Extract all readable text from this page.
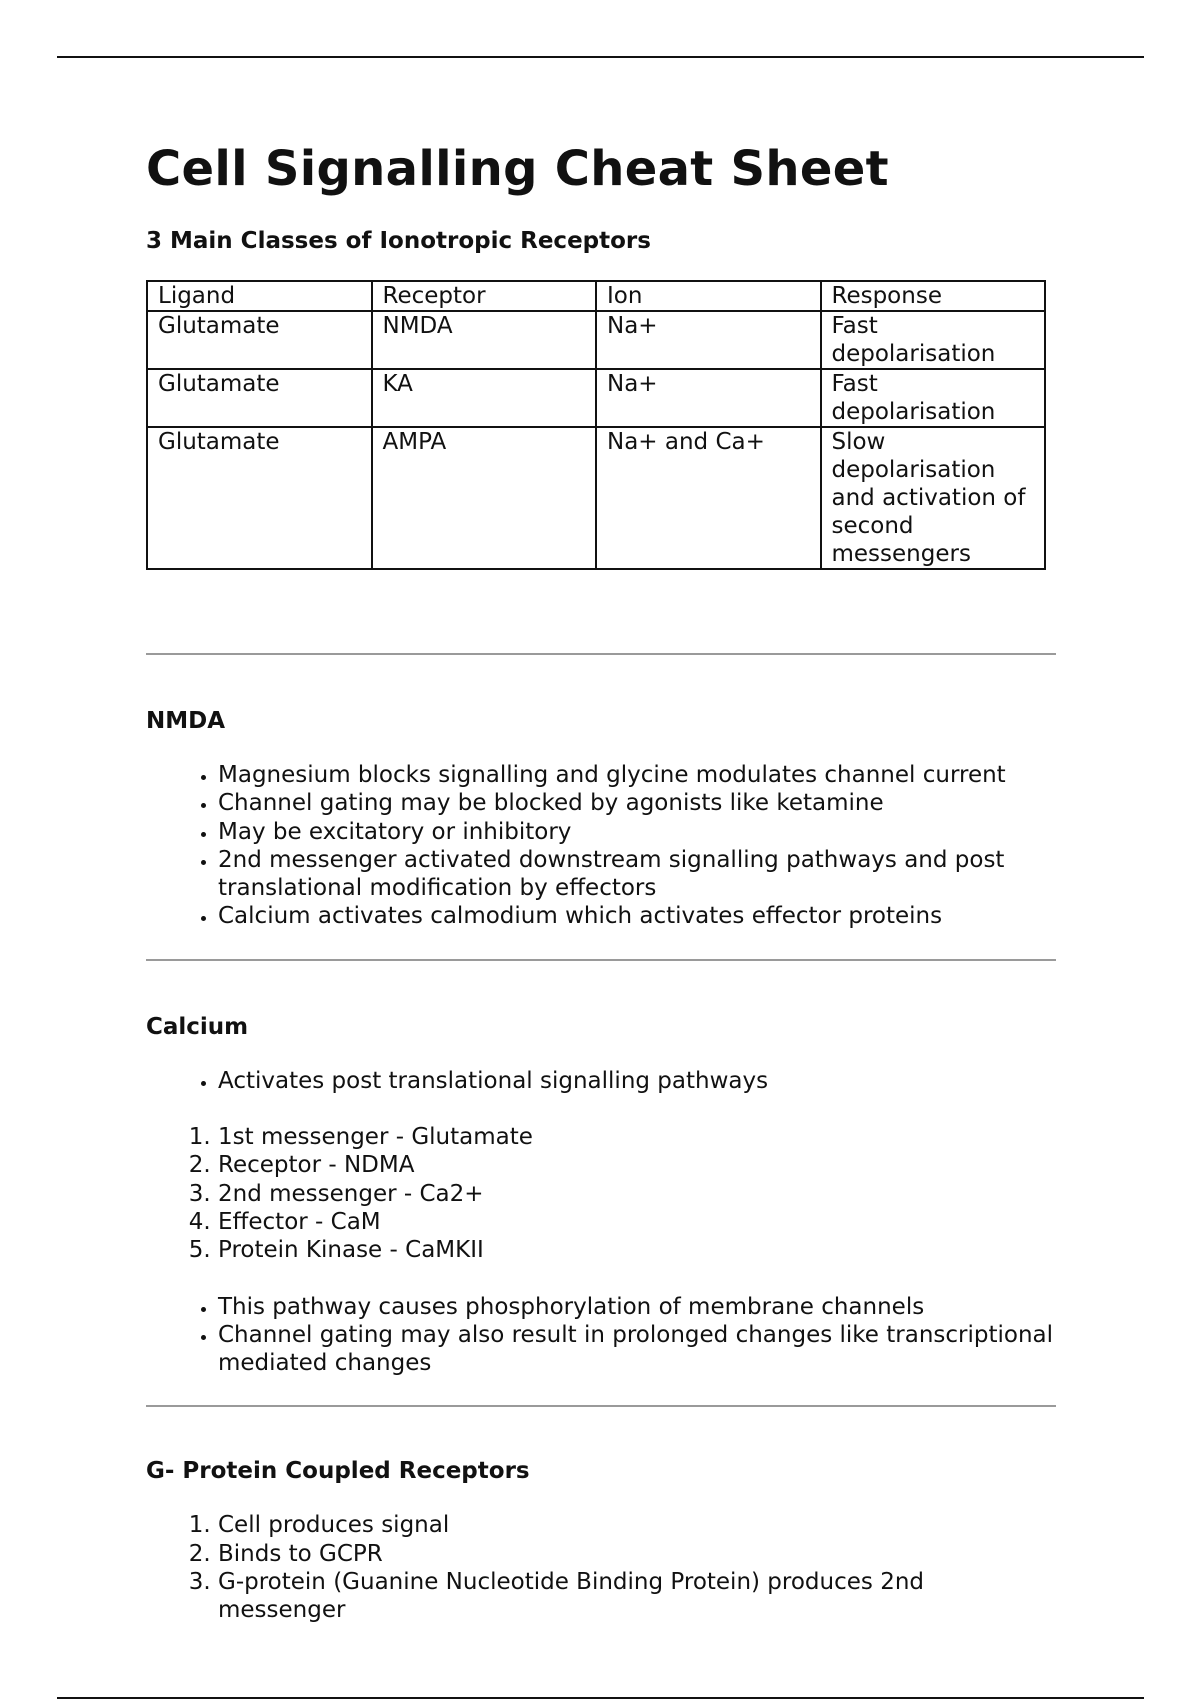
Cell Signalling Cheat Sheet
3 Main Classes of Ionotropic Receptors
Ligand	Receptor	Ion	Response
Glutamate	NMDA	Na+	Fast depolarisation
Glutamate	KA	Na+	Fast depolarisation
Glutamate	AMPA	Na+ and Ca+	Slow depolarisation and activation of second messengers
NMDA
• Magnesium blocks signalling and glycine modulates channel current
• Channel gating may be blocked by agonists like ketamine
• May be excitatory or inhibitory
• 2nd messenger activated downstream signalling pathways and post translational modification by effectors
• Calcium activates calmodium which activates effector proteins
Calcium
• Activates post translational signalling pathways
1. 1st messenger - Glutamate
2. Receptor - NDMA
3. 2nd messenger - Ca2+
4. Effector - CaM
5. Protein Kinase - CaMKII
• This pathway causes phosphorylation of membrane channels
• Channel gating may also result in prolonged changes like transcriptional mediated changes
G- Protein Coupled Receptors
1. Cell produces signal
2. Binds to GCPR
3. G-protein (Guanine Nucleotide Binding Protein) produces 2nd messenger
